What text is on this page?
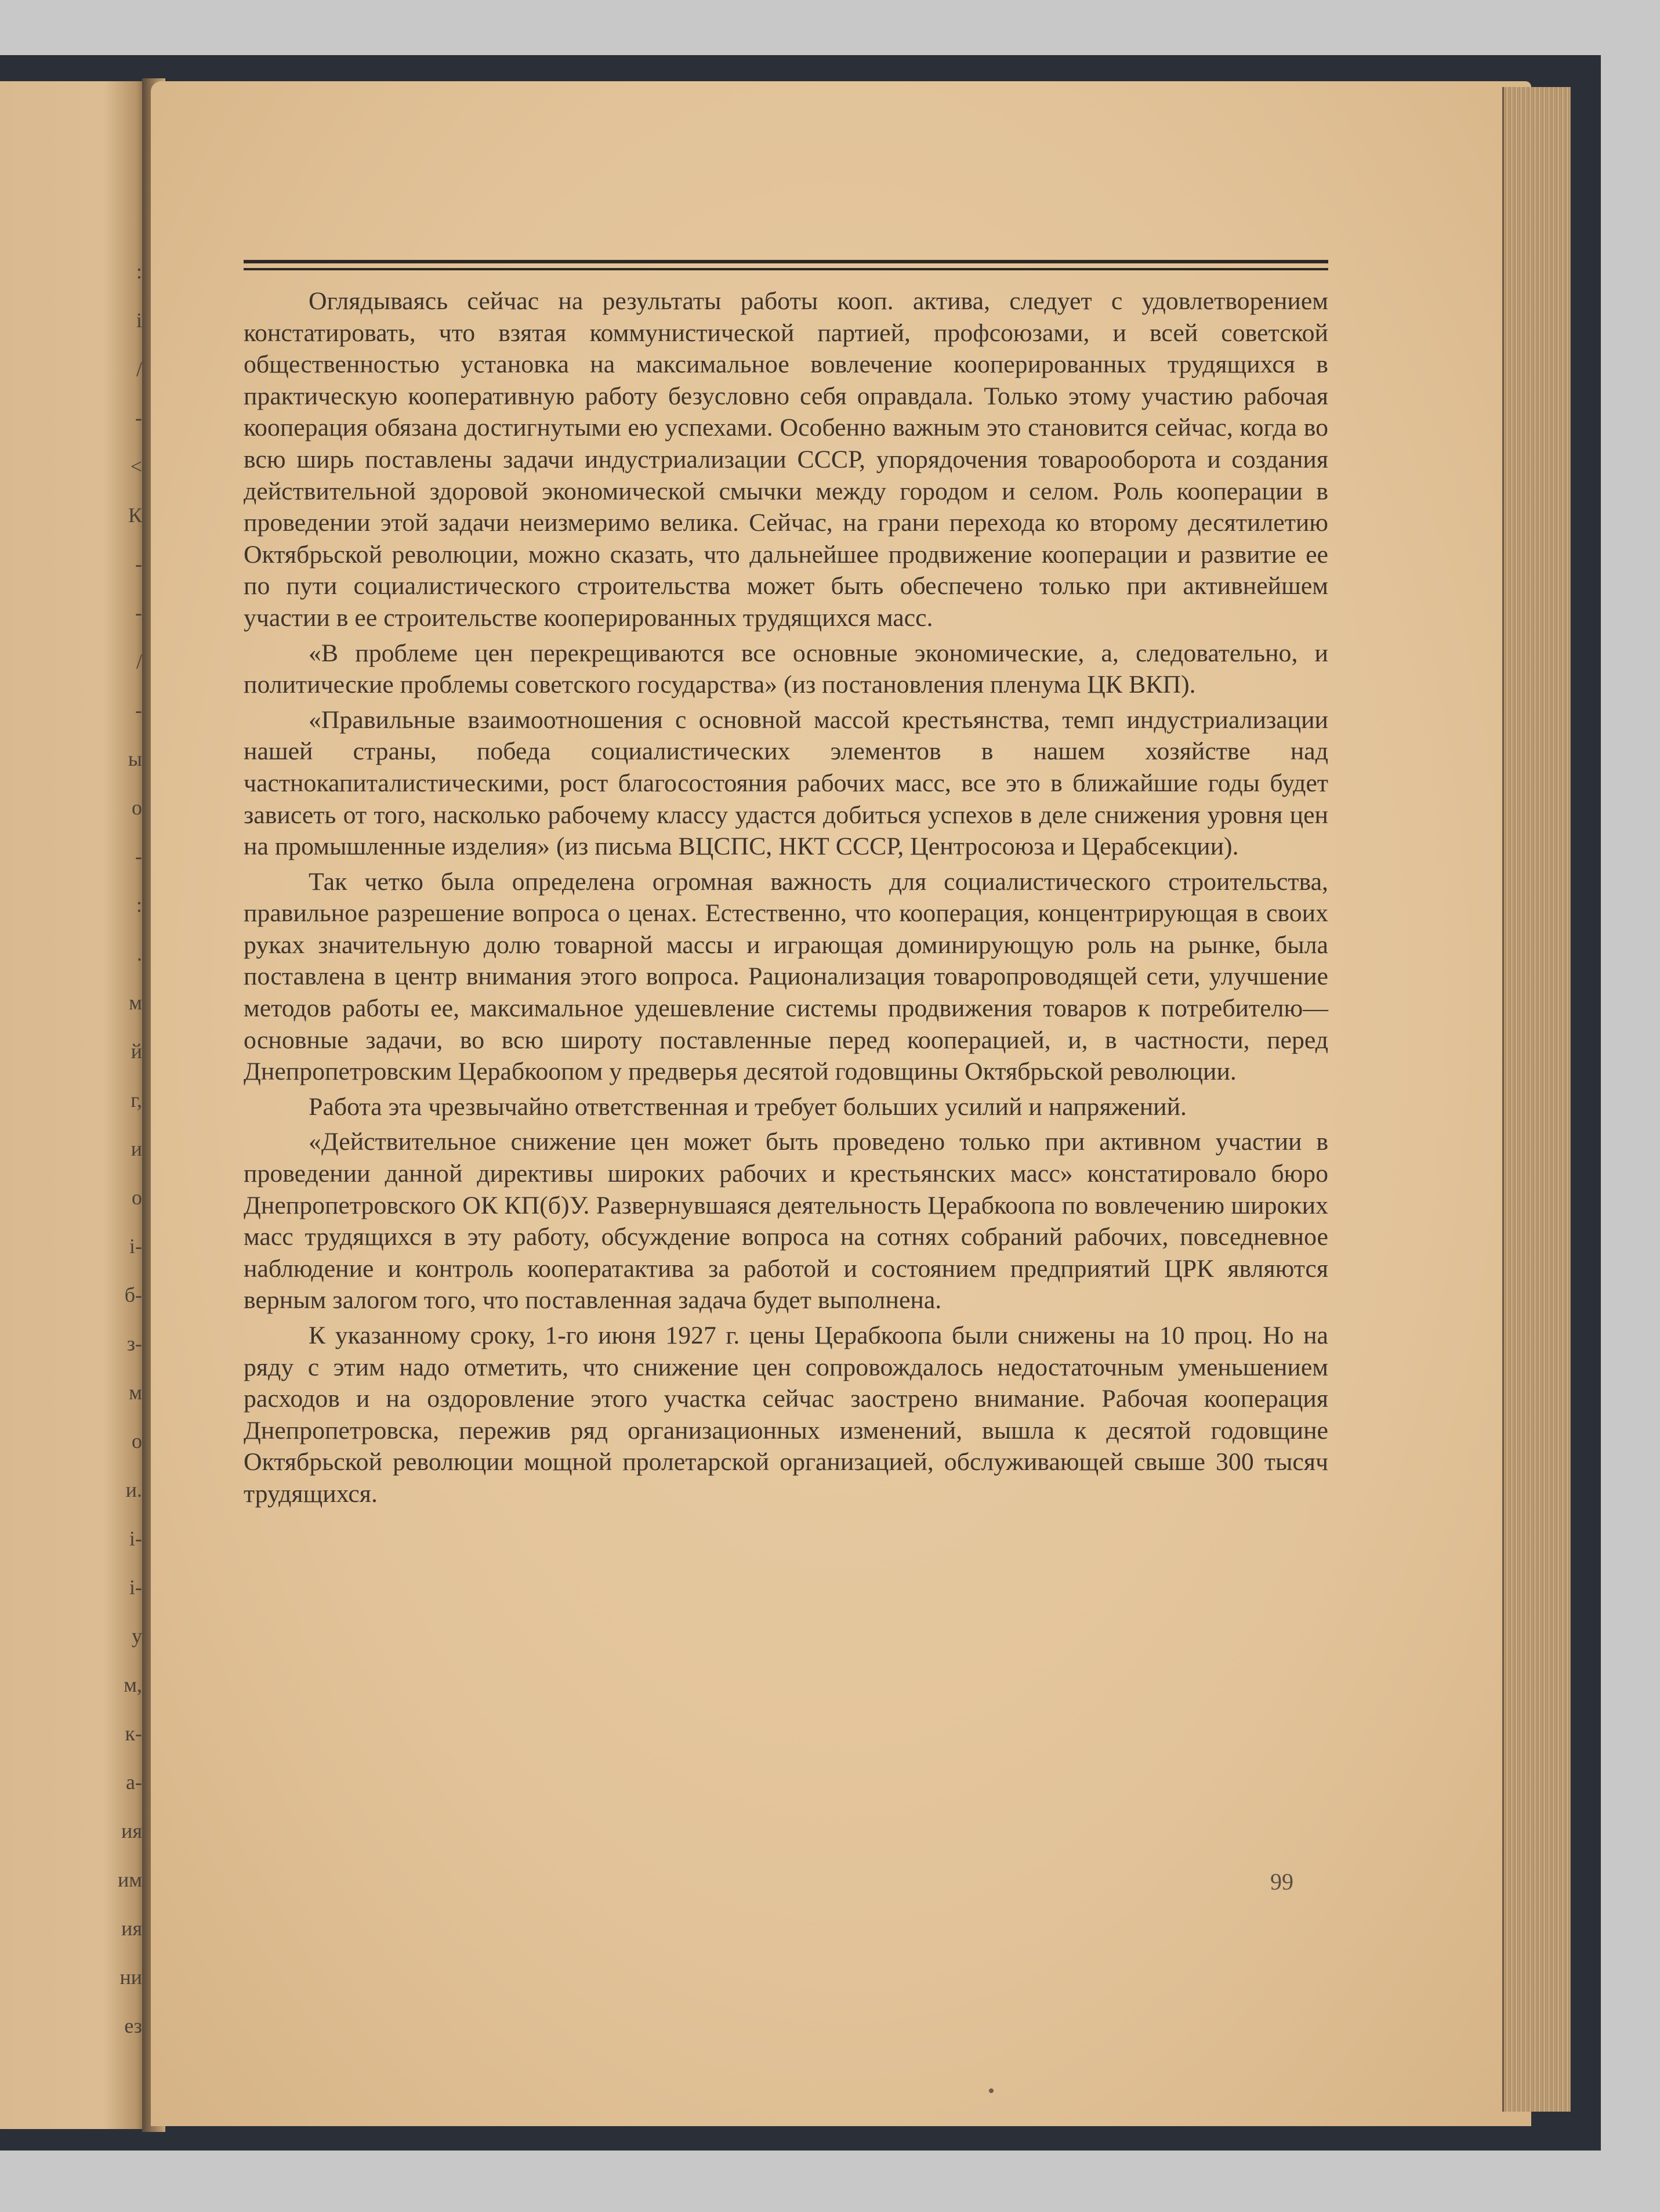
:
і
/
-
<
К
-
-
/
-
ы
о
-
:
.
м
й
г,
и
о
і-
б-
з-
м
о
и.
і-
і-
у
м,
к-
а-
ия
им
ия
ни
ез

Оглядываясь сейчас на результаты работы кооп. актива, следует с удовлетворением констатировать, что взятая коммунистической партией, профсоюзами, и всей советской общественностью установка на максимальное вовлечение кооперированных трудящихся в практическую кооперативную работу безусловно себя оправдала. Только этому участию рабочая кооперация обязана достигнутыми ею успехами. Особенно важным это становится сейчас, когда во всю ширь поставлены задачи индустриализации СССР, упорядочения товарооборота и создания действительной здоровой экономической смычки между городом и селом. Роль кооперации в проведении этой задачи неизмеримо велика. Сейчас, на грани перехода ко второму десятилетию Октябрьской революции, можно сказать, что дальнейшее продвижение кооперации и развитие ее по пути социалистического строительства может быть обеспечено только при активнейшем участии в ее строительстве кооперированных трудящихся масс.

«В проблеме цен перекрещиваются все основные экономические, а, следовательно, и политические проблемы советского государства» (из постановления пленума ЦК ВКП).

«Правильные взаимоотношения с основной массой крестьянства, темп индустриализации нашей страны, победа социалистических элементов в нашем хозяйстве над частнокапиталистическими, рост благосостояния рабочих масс, все это в ближайшие годы будет зависеть от того, насколько рабочему классу удастся добиться успехов в деле снижения уровня цен на промышленные изделия» (из письма ВЦСПС, НКТ СССР, Центросоюза и Церабсекции).

Так четко была определена огромная важность для социалистического строительства, правильное разрешение вопроса о ценах. Естественно, что кооперация, концентрирующая в своих руках значительную долю товарной массы и играющая доминирующую роль на рынке, была поставлена в центр внимания этого вопроса. Рационализация товаропроводящей сети, улучшение методов работы ее, максимальное удешевление системы продвижения товаров к потребителю—основные задачи, во всю широту поставленные перед кооперацией, и, в частности, перед Днепропетровским Церабкоопом у предверья десятой годовщины Октябрьской революции.

Работа эта чрезвычайно ответственная и требует больших усилий и напряжений.

«Действительное снижение цен может быть проведено только при активном участии в проведении данной директивы широких рабочих и крестьянских масс» констатировало бюро Днепропетровского ОК КП(б)У. Развернувшаяся деятельность Церабкоопа по вовлечению широких масс трудящихся в эту работу, обсуждение вопроса на сотнях собраний рабочих, повседневное наблюдение и контроль кооператактива за работой и состоянием предприятий ЦРК являются верным залогом того, что поставленная задача будет выполнена.

К указанному сроку, 1-го июня 1927 г. цены Церабкоопа были снижены на 10 проц. Но на ряду с этим надо отметить, что снижение цен сопровождалось недостаточным уменьшением расходов и на оздоровление этого участка сейчас заострено внимание. Рабочая кооперация Днепропетровска, пережив ряд организационных изменений, вышла к десятой годовщине Октябрьской революции мощной пролетарской организацией, обслуживающей свыше 300 тысяч трудящихся.

99
